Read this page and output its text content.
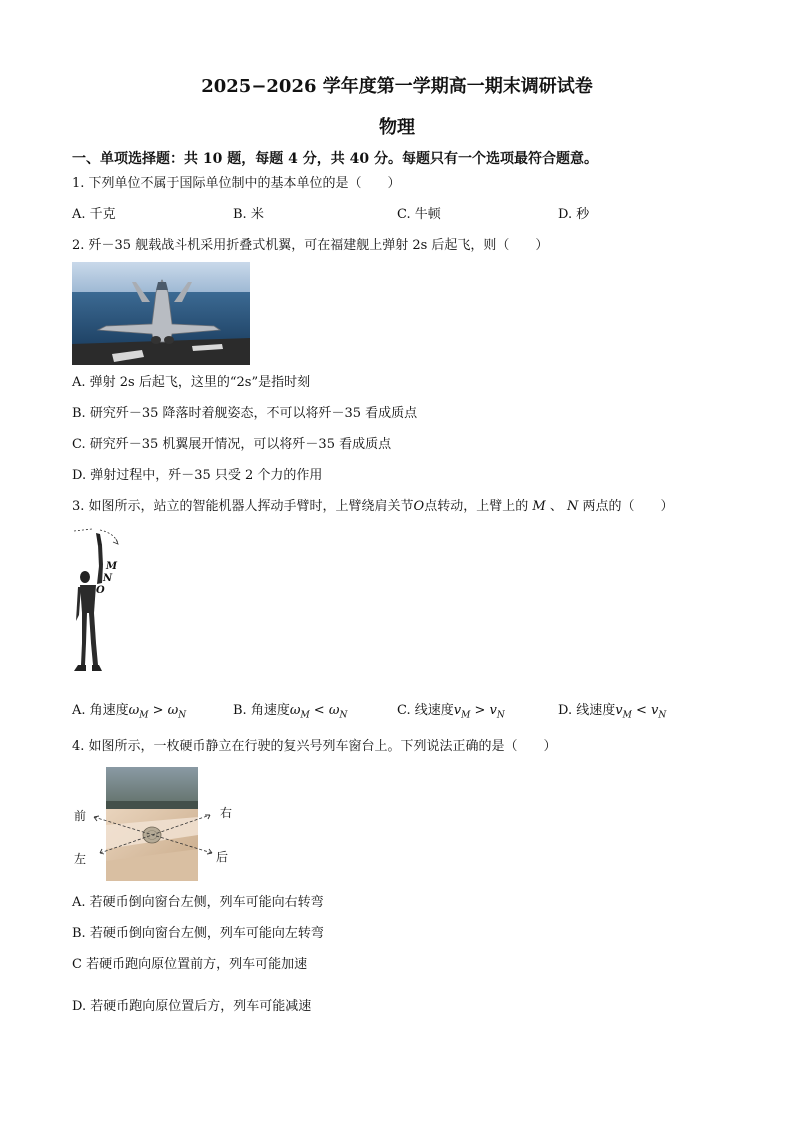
2025−2026 学年度第一学期高一期末调研试卷
物理
一、单项选择题：共 10 题，每题 4 分，共 40 分。每题只有一个选项最符合题意。
1. 下列单位不属于国际单位制中的基本单位的是（　　）
A. 千克	B. 米	C. 牛顿	D. 秒
2. 歼－35 舰载战斗机采用折叠式机翼，可在福建舰上弹射 2s 后起飞，则（　　）
A. 弹射 2s 后起飞，这里的“2s”是指时刻
B. 研究歼－35 降落时着舰姿态，不可以将歼－35 看成质点
C. 研究歼－35 机翼展开情况，可以将歼－35 看成质点
D. 弹射过程中，歼－35 只受 2 个力的作用
3. 如图所示，站立的智能机器人挥动手臂时，上臂绕肩关节O点转动，上臂上的 M 、 N 两点的（　　）
M
N
O
A. 角速度$\omega_M > \omega_N$	B. 角速度$\omega_M < \omega_N$	C. 线速度$v_M > v_N$	D. 线速度$v_M < v_N$
4. 如图所示，一枚硬币静立在行驶的复兴号列车窗台上。下列说法正确的是（　　）
前	右
左	后
A. 若硬币倒向窗台左侧，列车可能向右转弯
B. 若硬币倒向窗台左侧，列车可能向左转弯
C 若硬币跑向原位置前方，列车可能加速
D. 若硬币跑向原位置后方，列车可能减速
